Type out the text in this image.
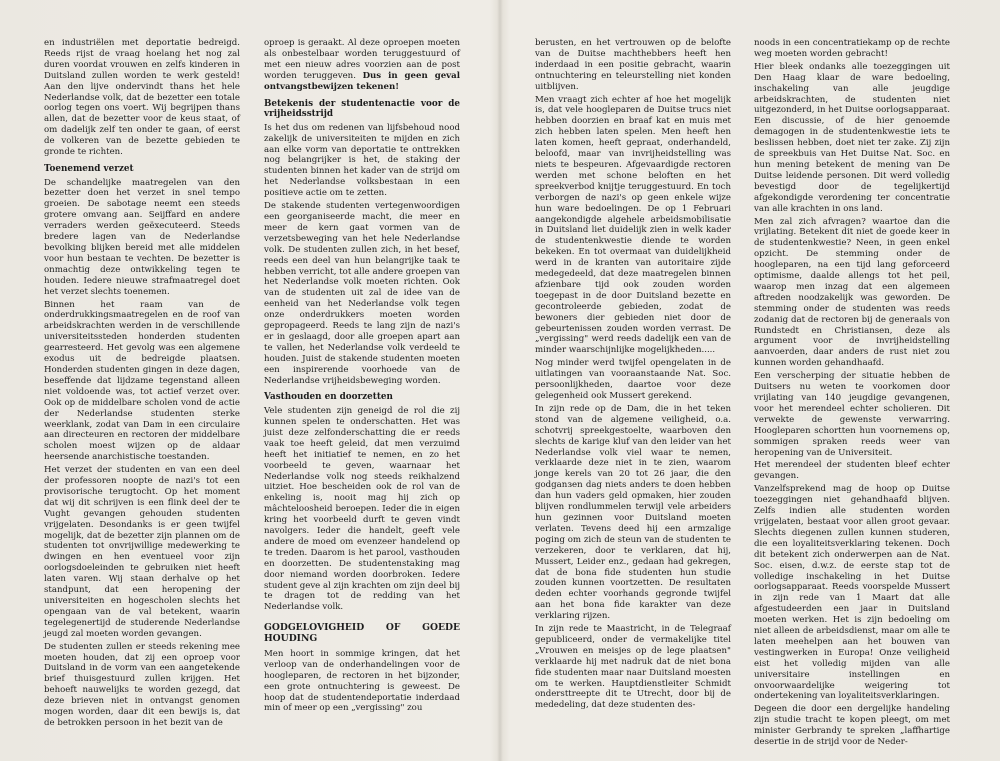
en industriëlen met deportatie bedreigd. Reeds rijst de vraag hoelang het nog zal duren voordat vrouwen en zelfs kinderen in Duitsland zullen worden te werk gesteld! Aan den lijve ondervindt thans het hele Nederlandse volk, dat de bezetter een totale oorlog tegen ons voert. Wij begrijpen thans allen, dat de bezetter voor de keus staat, of om dadelijk zelf ten onder te gaan, of eerst de volkeren van de bezette gebieden te gronde te richten.

Toenemend verzet

De schandelijke maatregelen van den bezetter doen het verzet in snel tempo groeien. De sabotage neemt een steeds grotere omvang aan. Seijffard en andere verraders werden geëxecuteerd. Steeds bredere lagen van de Nederlandse bevolking blijken bereid met alle middelen voor hun bestaan te vechten. De bezetter is onmachtig deze ontwikkeling tegen te houden. Iedere nieuwe strafmaatregel doet het verzet slechts toenemen.

Binnen het raam van de onderdrukkingsmaatregelen en de roof van arbeidskrachten werden in de verschillende universiteitssteden honderden studenten gearresteerd. Het gevolg was een algemene exodus uit de bedreigde plaatsen. Honderden studenten gingen in deze dagen, beseffende dat lijdzame tegenstand alleen niet voldoende was, tot actief verzet over. Ook op de middelbare scholen vond de actie der Nederlandse studenten sterke weerklank, zodat van Dam in een circulaire aan directeuren en rectoren der middelbare scholen moest wijzen op de aldaar heersende anarchistische toestanden.

Het verzet der studenten en van een deel der professoren noopte de nazi's tot een provisorische terugtocht. Op het moment dat wij dit schrijven is een flink deel der te Vught gevangen gehouden studenten vrijgelaten. Desondanks is er geen twijfel mogelijk, dat de bezetter zijn plannen om de studenten tot onvrijwillige medewerking te dwingen en hen eventueel voor zijn oorlogsdoeleinden te gebruiken niet heeft laten varen. Wij staan derhalve op het standpunt, dat een heropening der universiteiten en hogescholen slechts het opengaan van de val betekent, waarin tegelegenertijd de studerende Nederlandse jeugd zal moeten worden gevangen.

De studenten zullen er steeds rekening mee moeten houden, dat zij een oproep voor Duitsland in de vorm van een aangetekende brief thuisgestuurd zullen krijgen. Het behoeft nauwelijks te worden gezegd, dat deze brieven niet in ontvangst genomen mogen worden, daar dit een bewijs is, dat de betrokken persoon in het bezit van de

oproep is geraakt. Al deze oproepen moeten als onbestelbaar worden teruggestuurd of met een nieuw adres voorzien aan de post worden teruggeven. Dus in geen geval ontvangstbewijzen tekenen!

Betekenis der studentenactie voor de vrijheidsstrijd

Is het dus om redenen van lijfsbehoud nood zakelijk de universiteiten te mijden en zich aan elke vorm van deportatie te onttrekken nog belangrijker is het, de staking der studenten binnen het kader van de strijd om het Nederlandse volksbestaan in een positieve actie om te zetten.

De stakende studenten vertegenwoordigen een georganiseerde macht, die meer en meer de kern gaat vormen van de verzetsbeweging van het hele Nederlandse volk. De studenten zullen zich, in het besef, reeds een deel van hun belangrijke taak te hebben verricht, tot alle andere groepen van het Nederlandse volk moeten richten. Ook van de studenten uit zal de idee van de eenheid van het Nederlandse volk tegen onze onderdrukkers moeten worden gepropageerd. Reeds te lang zijn de nazi's er in geslaagd, door alle groepen apart aan te vallen, het Nederlandse volk verdeeld te houden. Juist de stakende studenten moeten een inspirerende voorhoede van de Nederlandse vrijheidsbeweging worden.

Vasthouden en doorzetten

Vele studenten zijn geneigd de rol die zij kunnen spelen te onderschatten. Het was juist deze zelfonderschatting die er reeds vaak toe heeft geleid, dat men verzuimd heeft het initiatief te nemen, en zo het voorbeeld te geven, waarnaar het Nederlandse volk nog steeds reikhalzend uitziet. Hoe bescheiden ook de rol van de enkeling is, nooit mag hij zich op mâchteloosheid beroepen. Ieder die in eigen kring het voorbeeld durft te geven vindt navolgers. Ieder die handelt, geeft vele andere de moed om evenzeer handelend op te treden. Daarom is het parool, vasthouden en doorzetten. De studentenstaking mag door niemand worden doorbroken. Iedere student geve al zijn krachten om zijn deel bij te dragen tot de redding van het Nederlandse volk.

GODGELOVIGHEID OF GOEDE HOUDING

Men hoort in sommige kringen, dat het verloop van de onderhandelingen voor de hooglераren, de rectoren in het bijzonder, een grote ontnuchtering is geweest. De hoop dat de studentendeportatie inderdaad min of meer op een „vergissing" zou

berusten, en het vertrouwen op de belofte van de Duitse machthebbers heeft hen inderdaad in een positie gebracht, waarin ontnuchtering en teleurstelling niet konden uitblijven.

Men vraagt zich echter af hoe het mogelijk is, dat vele hooglераren de Duitse trucs niet hebben doorzien en braaf kat en muis met zich hebben laten spelen. Men heeft hen laten komen, heeft gepraat, onderhandeld, beloofd, maar van invrijheidstelling was niets te bespeuren. Afgevaardigde rectoren werden met schone beloften en het spreekverbod knijtje teruggestuurd. En toch verborgen de nazi's op geen enkele wijze hun ware bedoelingen. De op 1 Februari aangekondigde algehele arbeidsmobilisatie in Duitsland liet duidelijk zien in welk kader de studentenkwestie diende te worden bekeken. En tot overmaat van duidelijkheid werd in de kranten van autoritaire zijde medegedeeld, dat deze maatregelen binnen afzienbare tijd ook zouden worden toegepast in de door Duitsland bezette en gecontroleerde gebieden, zodat de bewoners dier gebieden niet door de gebeurtenissen zouden worden verrast. De „vergissing" werd reeds dadelijk een van de minder waarschijnlijke mogelijkheden.....

Nog minder werd twijfel opengelaten in de uitlatingen van vooraanstaande Nat. Soc. persoonlijkheden, daartoe voor deze gelegenheid ook Mussert gerekend.

In zijn rede op de Dam, die in het teken stond van de algemene veiligheid, o.a. schotvrij spreekgestoelte, waarboven den slechts de karige kluf van den leider van het Nederlandse volk viel waar te nemen, verklaarde deze niet in te zien, waarom jonge kerels van 20 tot 26 jaar, die den godganзen dag niets anders te doen hebben dan hun vaders geld opmaken, hier zouden blijven rondlummelen terwijl vele arbeiders hun gezinnen voor Duitsland moeten verlaten. Tevens deed hij een armzalige poging om zich de steun van de studenten te verzekeren, door te verklaren, dat hij, Mussert, Leider enz., gedaan had gekregen, dat de bona fide studenten hun studie zouden kunnen voortzetten. De resultaten deden echter voorhands gegronde twijfel aan het bona fide karakter van deze verklaring rijzen.

In zijn rede te Maastricht, in de Telegraaf gepubliceerd, onder de vermakelijke titel „Vrouwen en meisjes op de lege plaatsen" verklaarde hij met nadruk dat de niet bona fide studenten maar naar Duitsland moesten om te werken. Hauptdienstleiter Schmidt ondersttreepte dit te Utrecht, door bij de mededeling, dat deze studenten des-

noods in een concentratiekamp op de rechte weg moeten worden gebracht!

Hier bleek ondanks alle toezeggingen uit Den Haag klaar de ware bedoeling, inschakeling van alle jeugdige arbeidskrachten, de studenten niet uitgezonderd, in het Duitse oorlogsapparaat. Een discussie, of de hier genoemde demagogen in de studentenkwestie iets te beslissen hebben, doet niet ter zake. Zij zijn de spreekbuis van Het Duitse Nat. Soc. en hun mening betekent de mening van De Duitse leidende personen. Dit werd volledig bevestigd door de tegelijkertijd afgekondigde verordening ter concentratie van alle krachten in ons land.

Men zal zich afvragen? waartoe dan die vrijlating. Betekent dit niet de goede keer in de studentenkwestie? Neen, in geen enkel opzicht. De stemming onder de hooglераren, na een tijd lang geforceerd optimisme, daalde allengs tot het peil, waarop men inzag dat een algemeen aftreden noodzakelijk was geworden. De stemming onder de studenten was reeds zodanig dat de rectoren bij de generaals von Rundstedt en Christiansen, deze als argument voor de invrijheidstelling aanvoerden, daar anders de rust niet zou kunnen worden gehandhaafd.

Een verscherping der situatie hebben de Duitsers nu weten te voorkomen door vrijlating van 140 jeugdige gevangenen, voor het merendeel echter scholieren. Dit verwekte de gewenste verwarring. Hooglераren schortten hun voornemens op, sommigen spraken reeds weer van heropening van de Universiteit.

Het merendeel der studenten bleef echter gevangen.

Vanzelfsprekend mag de hoop op Duitse toezeggingen niet gehandhaafd blijven. Zelfs indien alle studenten worden vrijgelaten, bestaat voor allen groot gevaar. Slechts diegenen zullen kunnen studeren, die een loyaliteitsverklaring tekenen. Doch dit betekent zich onderwerpen aan de Nat. Soc. eisen, d.w.z. de eerste stap tot de volledige inschakeling in het Duitse oorlogsapparaat. Reeds voorspelde Mussert in zijn rede van 1 Maart dat alle afgestudeerden een jaar in Duitsland moeten werken. Het is zijn bedoeling om niet alleen de arbeidsdienst, maar om alle te laten meehelpen aan het bouwen van vestingwerken in Europa! Onze veiligheid eist het volledig mijden van alle universitaire instellingen en onvoorwaardelijke weigering tot ondertekening van loyaliteitsverklaringen.

Degeen die door een dergelijke handeling zijn studie tracht te kopen pleegt, om met minister Gerbrandy te spreken „laffhartige desertie in de strijd voor de Neder-
